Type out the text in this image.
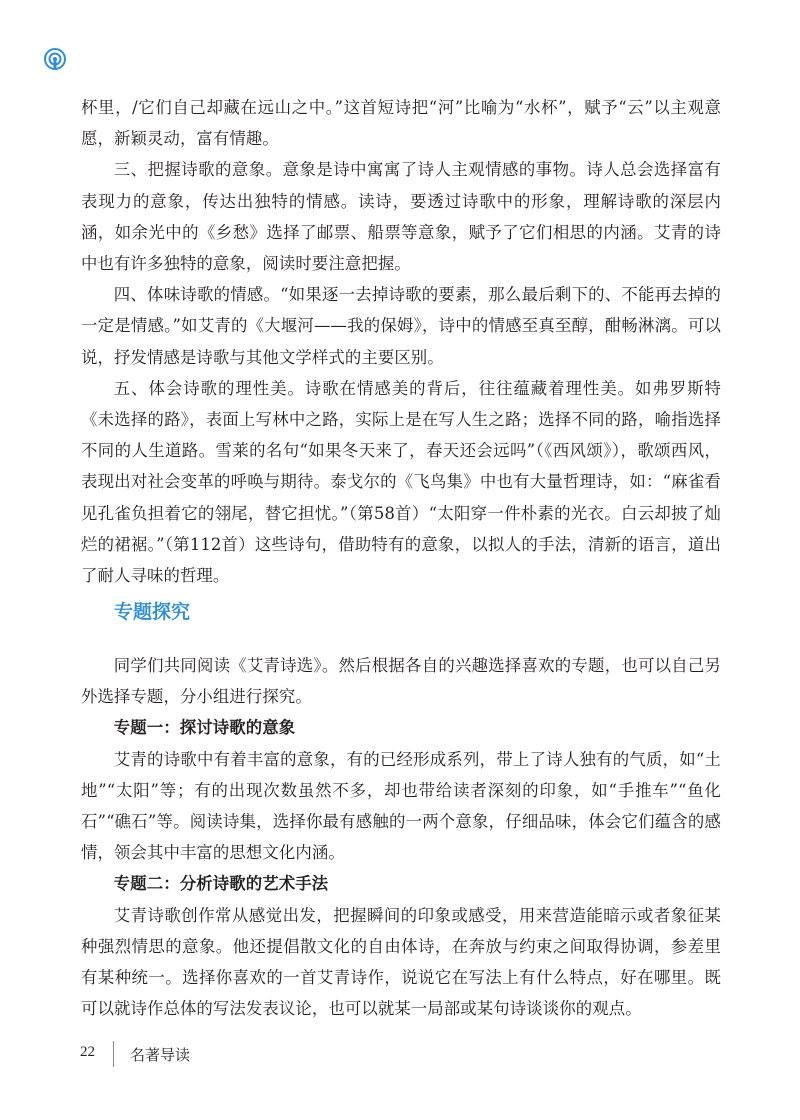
杯里，/它们自己却藏在远山之中。”这首短诗把“河”比喻为“水杯”，赋予“云”以主观意愿，新颖灵动，富有情趣。

三、把握诗歌的意象。意象是诗中寓寓了诗人主观情感的事物。诗人总会选择富有表现力的意象，传达出独特的情感。读诗，要透过诗歌中的形象，理解诗歌的深层内涵，如余光中的《乡愁》选择了邮票、船票等意象，赋予了它们相思的内涵。艾青的诗中也有许多独特的意象，阅读时要注意把握。

四、体味诗歌的情感。“如果逐一去掉诗歌的要素，那么最后剩下的、不能再去掉的一定是情感。”如艾青的《大堰河——我的保姆》，诗中的情感至真至醇，酣畅淋漓。可以说，抒发情感是诗歌与其他文学样式的主要区别。

五、体会诗歌的理性美。诗歌在情感美的背后，往往蕴藏着理性美。如弗罗斯特《未选择的路》，表面上写林中之路，实际上是在写人生之路；选择不同的路，喻指选择不同的人生道路。雪莱的名句“如果冬天来了，春天还会远吗”（《西风颂》），歌颂西风，表现出对社会变革的呼唤与期待。泰戈尔的《飞鸟集》中也有大量哲理诗，如：“麻雀看见孔雀负担着它的翎尾，替它担忧。”（第58首）“太阳穿一件朴素的光衣。白云却披了灿烂的裙裾。”（第112首）这些诗句，借助特有的意象，以拟人的手法，清新的语言，道出了耐人寻味的哲理。

专题探究

同学们共同阅读《艾青诗选》。然后根据各自的兴趣选择喜欢的专题，也可以自己另外选择专题，分小组进行探究。

专题一：探讨诗歌的意象

艾青的诗歌中有着丰富的意象，有的已经形成系列，带上了诗人独有的气质，如“土地”“太阳”等；有的出现次数虽然不多，却也带给读者深刻的印象，如“手推车”“鱼化石”“礁石”等。阅读诗集，选择你最有感触的一两个意象，仔细品味，体会它们蕴含的感情，领会其中丰富的思想文化内涵。

专题二：分析诗歌的艺术手法

艾青诗歌创作常从感觉出发，把握瞬间的印象或感受，用来营造能暗示或者象征某种强烈情思的意象。他还提倡散文化的自由体诗，在奔放与约束之间取得协调，参差里有某种统一。选择你喜欢的一首艾青诗作，说说它在写法上有什么特点，好在哪里。既可以就诗作总体的写法发表议论，也可以就某一局部或某句诗谈谈你的观点。

22 名著导读
